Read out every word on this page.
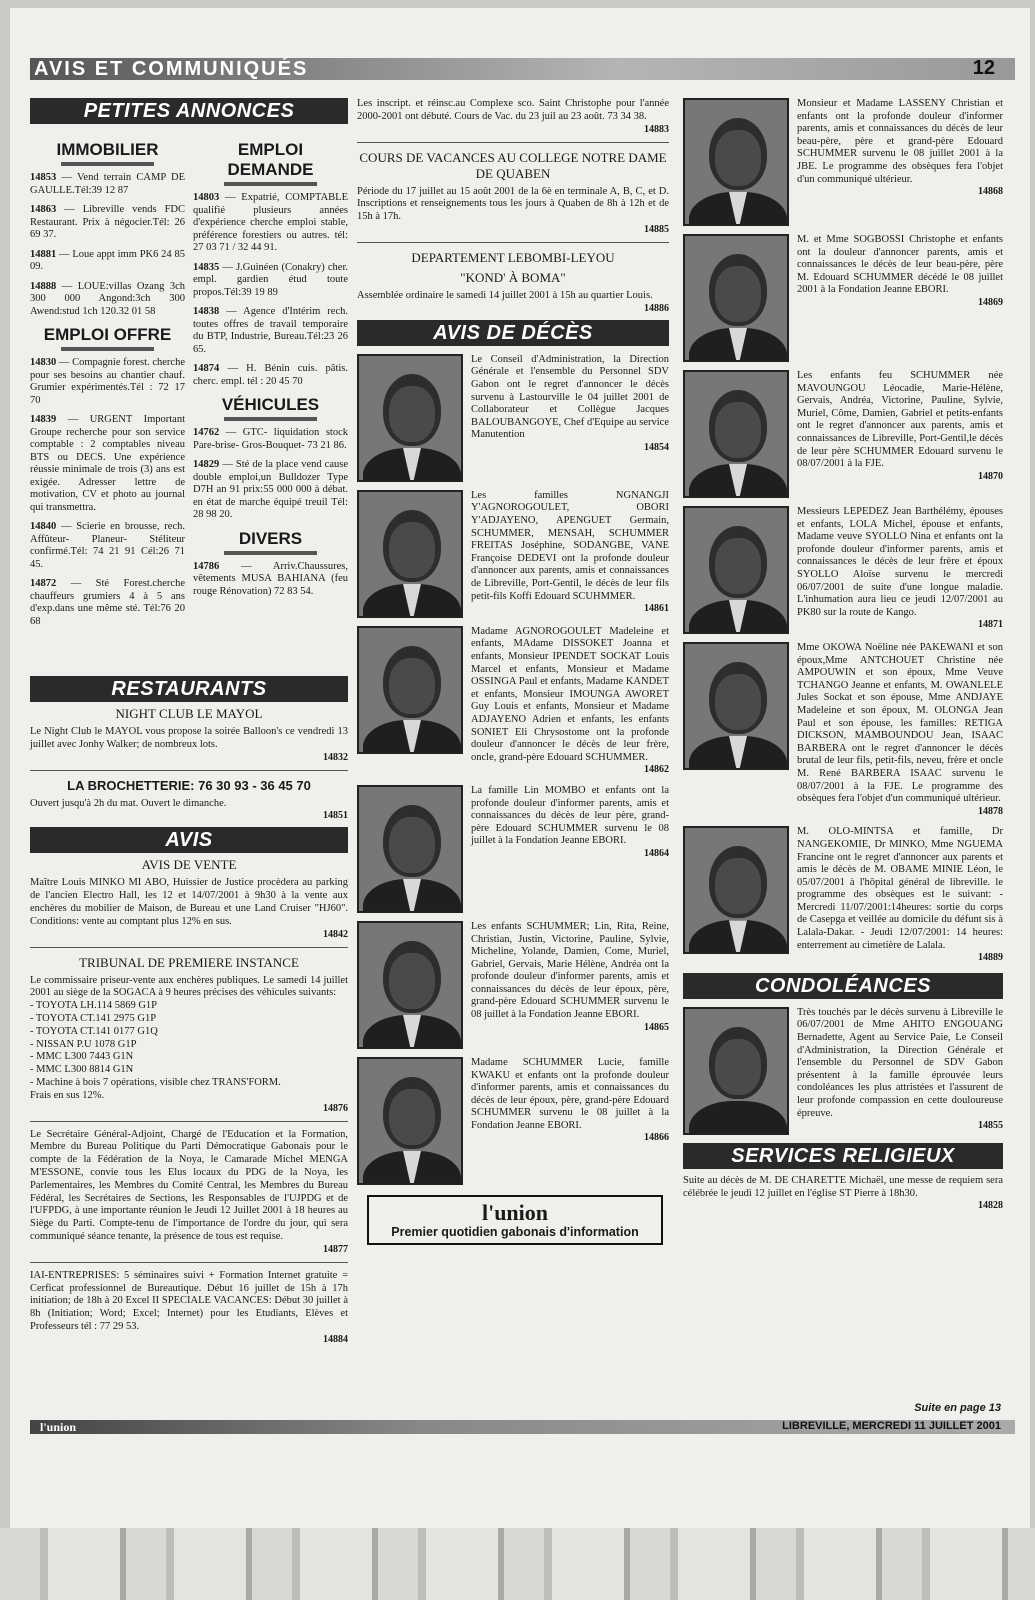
AVIS ET COMMUNIQUÉS	12
PETITES ANNONCES
IMMOBILIER
14853 — Vend terrain CAMP DE GAULLE.Tél:39 12 87
14863 — Libreville vends FDC Restaurant. Prix à négocier.Tél: 26 69 37.
14881 — Loue appt imm PK6 24 85 09.
14888 — LOUE:villas Ozang 3ch 300 000 Angond:3ch 300 Awend:stud 1ch 120.32 01 58
EMPLOI OFFRE
14830 — Compagnie forest. cherche pour ses besoins au chantier chauf. Grumier expérimentés.Tél : 72 17 70
14839 — URGENT Important Groupe recherche pour son service comptable : 2 comptables niveau BTS ou DECS. Une expérience réussie minimale de trois (3) ans est exigée. Adresser lettre de motivation, CV et photo au journal qui transmettra.
14840 — Scierie en brousse, rech. Affûteur- Planeur- Stéliteur confirmé.Tél: 74 21 91 Cél:26 71 45.
14872 — Sté Forest.cherche chauffeurs grumiers 4 à 5 ans d'exp.dans une même sté. Tél:76 20 68
EMPLOI DEMANDE
14803 — Expatrié, COMPTABLE qualifié plusieurs années d'expérience cherche emploi stable, préférence forestiers ou autres. tél: 27 03 71 / 32 44 91.
14835 — J.Guinéen (Conakry) cher. empl. gardien étud toute propos.Tél:39 19 89
14838 — Agence d'Intérim rech. toutes offres de travail temporaire du BTP, Industrie, Bureau.Tél:23 26 65.
14874 — H. Bénin cuis. pâtis. cherc. empl. tél : 20 45 70
VÉHICULES
14762 — GTC- liquidation stock Pare-brise- Gros-Bouquet- 73 21 86.
14829 — Sté de la place vend cause double emploi,un Bulldozer Type D7H an 91 prix:55 000 000 à débat. en état de marche équipé treuil Tél: 28 98 20.
DIVERS
14786 — Arriv.Chaussures, vêtements MUSA BAHIANA (feu rouge Rénovation) 72 83 54.
RESTAURANTS
NIGHT CLUB LE MAYOL
Le Night Club le MAYOL vous propose la soirée Balloon's ce vendredi 13 juillet avec Jonhy Walker; de nombreux lots.
14832
LA BROCHETTERIE: 76 30 93 - 36 45 70
Ouvert jusqu'à 2h du mat. Ouvert le dimanche.
14851
AVIS
AVIS DE VENTE
Maître Louis MINKO MI ABO, Huissier de Justice procèdera au parking de l'ancien Electro Hall, les 12 et 14/07/2001 à 9h30 à la vente aux enchères du mobilier de Maison, de Bureau et une Land Cruiser "HJ60". Conditions: vente au comptant plus 12% en sus.
14842
TRIBUNAL DE PREMIERE INSTANCE
Le commissaire priseur-vente aux enchères publiques. Le samedi 14 juillet 2001 au siège de la SOGACA à 9 heures précises des véhicules suivants:
- TOYOTA LH.114 5869 G1P
- TOYOTA CT.141 2975 G1P
- TOYOTA CT.141 0177 G1Q
- NISSAN P.U 1078 G1P
- MMC L300 7443 G1N
- MMC L300 8814 G1N
- Machine à bois 7 opérations, visible chez TRANS'FORM.
Frais en sus 12%.
14876
Le Secrétaire Général-Adjoint, Chargé de l'Education et la Formation, Membre du Bureau Politique du Parti Démocratique Gabonais pour le compte de la Fédération de la Noya, le Camarade Michel MENGA M'ESSONE, convie tous les Elus locaux du PDG de la Noya, les Parlementaires, les Membres du Comité Central, les Membres du Bureau Fédéral, les Secrétaires de Sections, les Responsables de l'UJPDG et de l'UFPDG, à une importante réunion le Jeudi 12 Juillet 2001 à 18 heures au Siège du Parti. Compte-tenu de l'importance de l'ordre du jour, qui sera communiqué séance tenante, la présence de tous est requise.
14877
IAI-ENTREPRISES: 5 séminaires suivi + Formation Internet gratuite = Cerficat professionnel de Bureautique. Début 16 juillet de 15h à 17h initiation; de 18h à 20 Excel II SPECIALE VACANCES: Début 30 juillet à 8h (Initiation; Word; Excel; Internet) pour les Etudiants, Elèves et Professeurs tél : 77 29 53.
14884
Les inscript. et réinsc.au Complexe sco. Saint Christophe pour l'année 2000-2001 ont débuté. Cours de Vac. du 23 juil au 23 août. 73 34 38.
14883
COURS DE VACANCES AU COLLEGE NOTRE DAME DE QUABEN
Période du 17 juillet au 15 août 2001 de la 6è en terminale A, B, C, et D. Inscriptions et renseignements tous les jours à Quaben de 8h à 12h et de 15h à 17h.
14885
DEPARTEMENT LEBOMBI-LEYOU
"KOND' À BOMA"
Assemblée ordinaire le samedi 14 juillet 2001 à 15h au quartier Louis.
14886
AVIS DE DÉCÈS
Le Conseil d'Administration, la Direction Générale et l'ensemble du Personnel SDV Gabon ont le regret d'annoncer le décès survenu à Lastourville le 04 juillet 2001 de Collaborateur et Collègue Jacques BALOUBANGOYE, Chef d'Equipe au service Manutention
14854
Les familles NGNANGJI Y'AGNOROGOULET, OBORI Y'ADJAYENO, APENGUET Germain, SCHUMMER, MENSAH, SCHUMMER FREITAS Joséphine, SODANGBE, VANE Françoise DEDEVI ont la profonde douleur d'annoncer aux parents, amis et connaissances de Libreville, Port-Gentil, le décès de leur fils petit-fils Koffi Edouard SCUHMMER.
14861
Madame AGNOROGOULET Madeleine et enfants, MAdame DISSOKET Joanna et enfants, Monsieur IPENDET SOCKAT Louis Marcel et enfants, Monsieur et Madame OSSINGA Paul et enfants, Madame KANDET et enfants, Monsieur IMOUNGA AWORET Guy Louis et enfants, Monsieur et Madame ADJAYENO Adrien et enfants, les enfants SONIET Eli Chrysostome ont la profonde douleur d'annoncer le décès de leur frère, oncle, grand-père Edouard SCHUMMER.
14862
La famille Lin MOMBO et enfants ont la profonde douleur d'informer parents, amis et connaissances du décès de leur père, grand-père Edouard SCHUMMER survenu le 08 juillet à la Fondation Jeanne EBORI.
14864
Les enfants SCHUMMER; Lin, Rita, Reine, Christian, Justin, Victorine, Pauline, Sylvie, Micheline, Yolande, Damien, Come, Muriel, Gabriel, Gervais, Marie Hélène, Andréa ont la profonde douleur d'informer parents, amis et connaissances du décès de leur époux, père, grand-père Edouard SCHUMMER survenu le 08 juillet à la Fondation Jeanne EBORI.
14865
Madame SCHUMMER Lucie, famille KWAKU et enfants ont la profonde douleur d'informer parents, amis et connaissances du décès de leur époux, père, grand-père Edouard SCHUMMER survenu le 08 juillet à la Fondation Jeanne EBORI.
14866
l'union
Premier quotidien gabonais d'information
Monsieur et Madame LASSENY Christian et enfants ont la profonde douleur d'informer parents, amis et connaissances du décès de leur beau-père, père et grand-père Edouard SCHUMMER survenu le 08 juillet 2001 à la JBE. Le programme des obsèques fera l'objet d'un communiqué ultérieur.
14868
M. et Mme SOGBOSSI Christophe et enfants ont la douleur d'annoncer parents, amis et connaissances le décès de leur beau-père, père M. Edouard SCHUMMER décédé le 08 juillet 2001 à la Fondation Jeanne EBORI.
14869
Les enfants feu SCHUMMER née MAVOUNGOU Léocadie, Marie-Hélène, Gervais, Andréa, Victorine, Pauline, Sylvie, Muriel, Côme, Damien, Gabriel et petits-enfants ont le regret d'annoncer aux parents, amis et connaissances de Libreville, Port-Gentil,le décès de leur père SCHUMMER Edouard survenu le 08/07/2001 à la FJE.
14870
Messieurs LEPEDEZ Jean Barthélémy, épouses et enfants, LOLA Michel, épouse et enfants, Madame veuve SYOLLO Nina et enfants ont la profonde douleur d'informer parents, amis et connaissances le décès de leur frère et époux SYOLLO Aloïse survenu le mercredi 06/07/2001 de suite d'une longue maladie. L'inhumation aura lieu ce jeudi 12/07/2001 au PK80 sur la route de Kango.
14871
Mme OKOWA Noëline née PAKEWANI et son époux,Mme ANTCHOUET Christine née AMPOUWIN et son époux, Mme Veuve TCHANGO Jeanne et enfants, M. OWANLELE Jules Sockat et son épouse, Mme ANDJAYE Madeleine et son époux, M. OLONGA Jean Paul et son épouse, les familles: RETIGA DICKSON, MAMBOUNDOU Jean, ISAAC BARBERA ont le regret d'annoncer le décès brutal de leur fils, petit-fils, neveu, frère et oncle M. René BARBERA ISAAC survenu le 08/07/2001 à la FJE. Le programme des obsèques fera l'objet d'un communiqué ultérieur.
14878
M. OLO-MINTSA et famille, Dr NANGEKOMIE, Dr MINKO, Mme NGUEMA Francine ont le regret d'annoncer aux parents et amis le décès de M. OBAME MINIE Léon, le 05/07/2001 à l'hôpital général de libreville. le programme des obsèques est le suivant: - Mercredi 11/07/2001:14heures: sortie du corps de Casepga et veillée au domicile du défunt sis à Lalala-Dakar. - Jeudi 12/07/2001: 14 heures: enterrement au cimetière de Lalala.
14889
CONDOLÉANCES
Très touchés par le décès survenu à Libreville le 06/07/2001 de Mme AHITO ENGOUANG Bernadette, Agent au Service Paie, Le Conseil d'Administration, la Direction Générale et l'ensemble du Personnel de SDV Gabon présentent à la famille éprouvée leurs condoléances les plus attristées et l'assurent de leur profonde compassion en cette douloureuse épreuve.
14855
SERVICES RELIGIEUX
Suite au décès de M. DE CHARETTE Michaël, une messe de requiem sera célébrée le jeudi 12 juillet en l'église ST Pierre à 18h30.
14828
Suite en page 13
l'union	LIBREVILLE, MERCREDI 11 JUILLET 2001
